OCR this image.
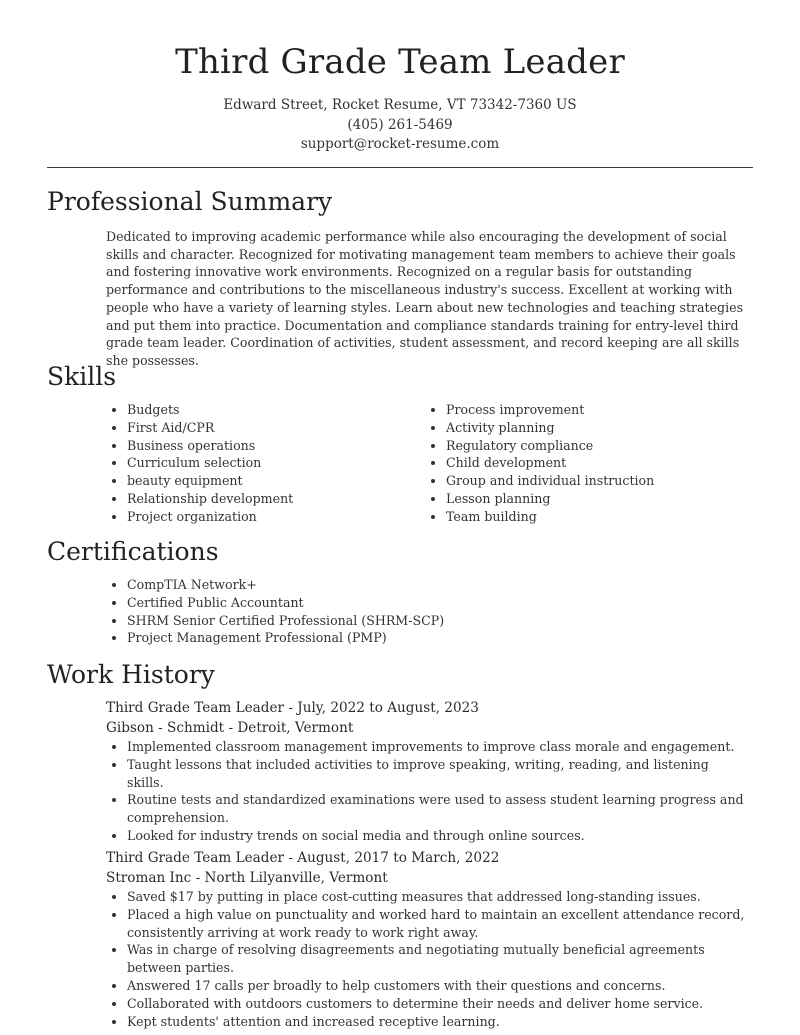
Third Grade Team Leader
Edward Street, Rocket Resume, VT 73342-7360 US
(405) 261-5469
support@rocket-resume.com
Professional Summary

Dedicated to improving academic performance while also encouraging the development of social skills and character. Recognized for motivating management team members to achieve their goals and fostering innovative work environments. Recognized on a regular basis for outstanding performance and contributions to the miscellaneous industry's success. Excellent at working with people who have a variety of learning styles. Learn about new technologies and teaching strategies and put them into practice. Documentation and compliance standards training for entry-level third grade team leader. Coordination of activities, student assessment, and record keeping are all skills she possesses.

Skills
• Budgets
• First Aid/CPR
• Business operations
• Curriculum selection
• beauty equipment
• Relationship development
• Project organization
• Process improvement
• Activity planning
• Regulatory compliance
• Child development
• Group and individual instruction
• Lesson planning
• Team building
Certifications
• CompTIA Network+
• Certified Public Accountant
• SHRM Senior Certified Professional (SHRM-SCP)
• Project Management Professional (PMP)
Work History
Third Grade Team Leader - July, 2022 to August, 2023
Gibson - Schmidt - Detroit, Vermont
• Implemented classroom management improvements to improve class morale and engagement.
• Taught lessons that included activities to improve speaking, writing, reading, and listening skills.
• Routine tests and standardized examinations were used to assess student learning progress and comprehension.
• Looked for industry trends on social media and through online sources.
Third Grade Team Leader - August, 2017 to March, 2022
Stroman Inc - North Lilyanville, Vermont
• Saved $17 by putting in place cost-cutting measures that addressed long-standing issues.
• Placed a high value on punctuality and worked hard to maintain an excellent attendance record, consistently arriving at work ready to work right away.
• Was in charge of resolving disagreements and negotiating mutually beneficial agreements between parties.
• Answered 17 calls per broadly to help customers with their questions and concerns.
• Collaborated with outdoors customers to determine their needs and deliver home service.
• Kept students' attention and increased receptive learning.
